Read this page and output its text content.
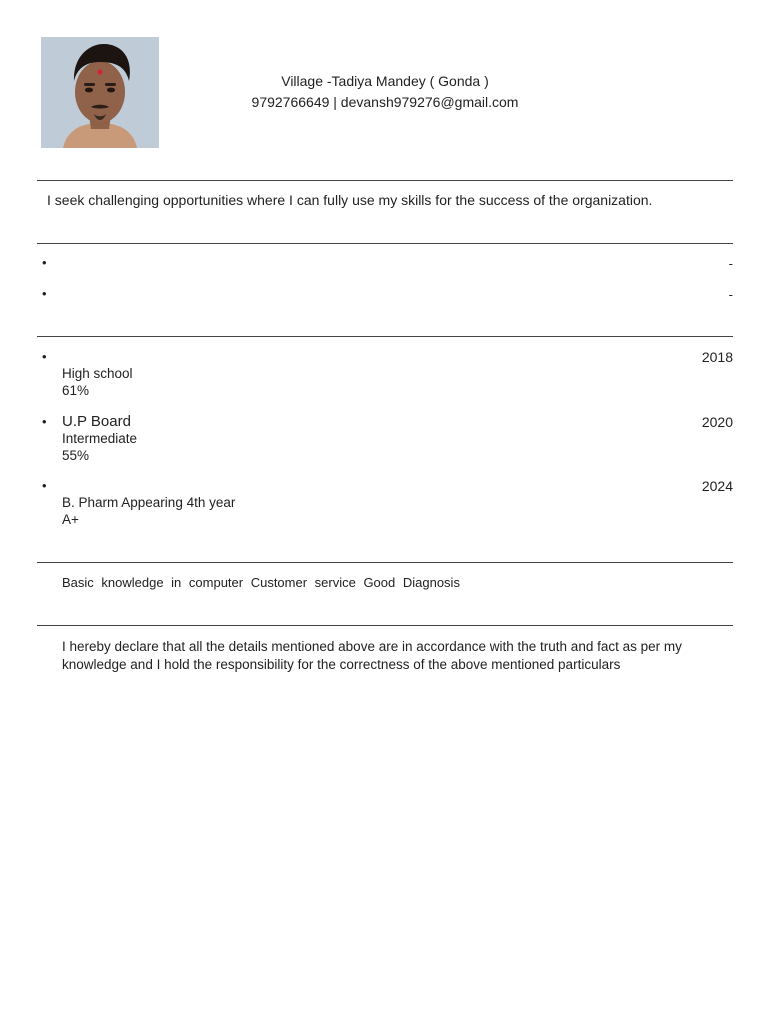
Village -Tadiya Mandey ( Gonda )
9792766649 | devansh979276@gmail.com
I seek challenging opportunities where I can fully use my skills for the success of the organization.
•	-
•	-
•	2018
High school
61%
• U.P Board	2020
Intermediate
55%
•	2024
B. Pharm Appearing 4th year
A+
Basic knowledge in computer Customer service Good Diagnosis
I hereby declare that all the details mentioned above are in accordance with the truth and fact as per my knowledge and I hold the responsibility for the correctness of the above mentioned particulars
